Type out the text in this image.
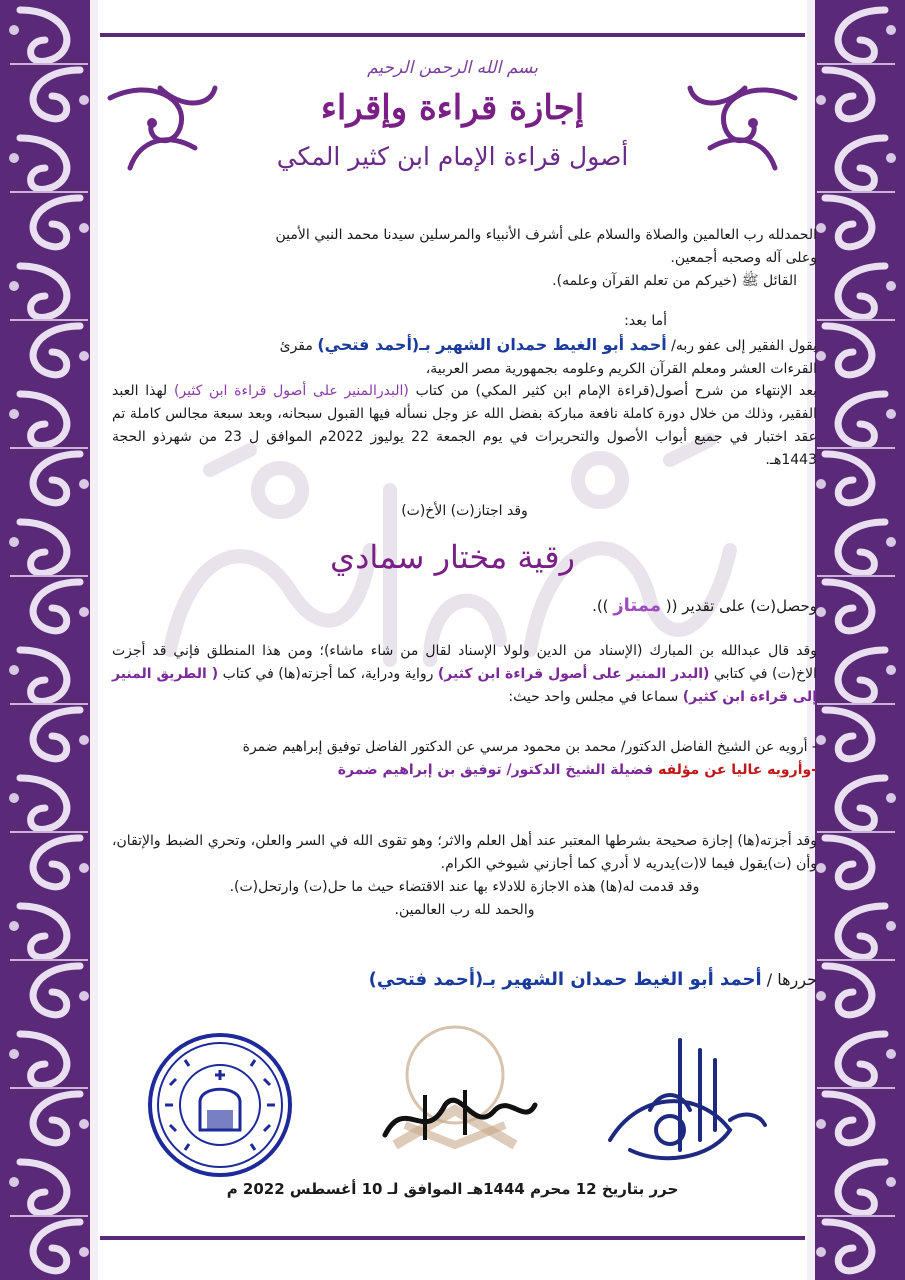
بسم الله الرحمن الرحيم
إجازة قراءة وإقراء
أصول قراءة الإمام ابن كثير المكي

الحمدلله رب العالمين والصلاة والسلام على أشرف الأنبياء والمرسلين سيدنا محمد النبي الأمين

وعلى آله وصحبه أجمعين.

القائل ﷺ (خيركم من تعلم القرآن وعلمه).

أما بعد:

يقول الفقير إلى عفو ربه/ أحمد أبو الغيط حمدان الشهير بـ(أحمد فتحي) مقرئ

القرءات العشر ومعلم القرآن الكريم وعلومه بجمهورية مصر العربية،

بعد الإنتهاء من شرح أصول(قراءة الإمام ابن كثير المكي) من كتاب (البدرالمنير على أصول قراءة ابن كثير) لهذا العبد الفقير، وذلك من خلال دورة كاملة نافعة مباركة بفضل الله عز وجل نسأله فيها القبول سبحانه، وبعد سبعة مجالس كاملة تم عقد اختبار في جميع أبواب الأصول والتحريرات في يوم الجمعة 22 يوليوز 2022م الموافق ل 23 من شهرذو الحجة 1443هـ.

وقد اجتاز(ت) الأخ(ت)

رقية مختار سمادي
وحصل(ت) على تقدير (( ممتاز )).

وقد قال عبدالله بن المبارك (الإسناد من الدين ولولا الإسناد لقال من شاء ماشاء)؛ ومن هذا المنطلق فإني قد أجزت الاخ(ت) في كتابي (البدر المنير على أصول قراءة ابن كثير) رواية ودراية، كما أجزته(ها) في كتاب ( الطريق المنير إلى قراءة ابن كثير) سماعا في مجلس واحد حيث:

- أرويه عن الشيخ الفاضل الدكتور/ محمد بن محمود مرسي عن الدكتور الفاضل توفيق إبراهيم ضمرة

-وأرويه عاليا عن مؤلفه فضيلة الشيخ الدكتور/ توفيق بن إبراهيم ضمرة

وقد أجزته(ها) إجازة صحيحة بشرطها المعتبر عند أهل العلم والاثر؛ وهو تقوى الله في السر والعلن، وتحري الضبط والإتقان، وأن (ت)يقول فيما لا(ت)يدريه لا أدري كما أجازني شيوخي الكرام.

وقد قدمت له(ها) هذه الاجازة للادلاء بها عند الاقتضاء حيث ما حل(ت) وارتحل(ت).

والحمد لله رب العالمين.

حررها / أحمد أبو الغيط حمدان الشهير بـ(أحمد فتحي)

حرر بتاريخ 12 محرم 1444هـ الموافق لـ 10 أغسطس 2022 م
